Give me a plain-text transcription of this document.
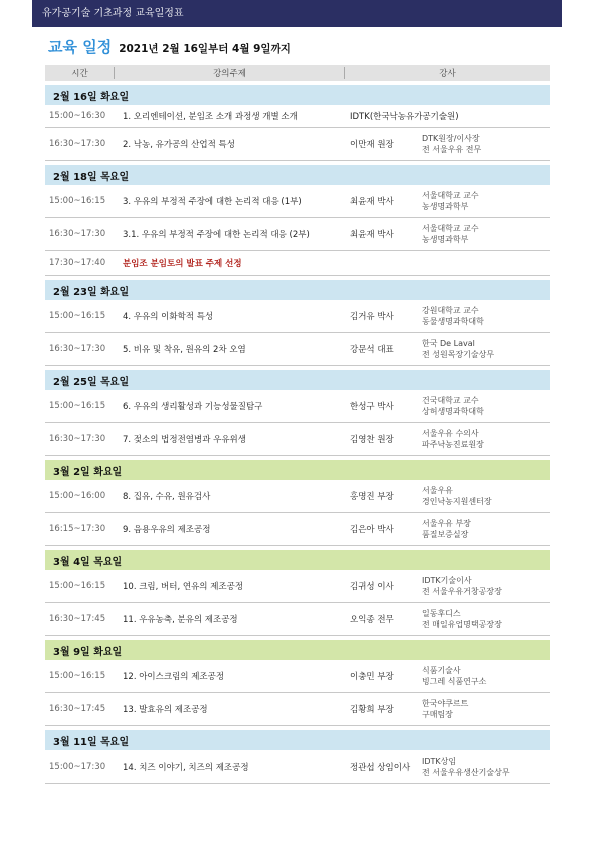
유가공기술 기초과정 교육일정표
교육 일정 2021년 2월 16일부터 4월 9일까지
시간	강의주제	강사
2월 16일 화요일
15:00~16:30	1. 오리엔테이션, 분임조 소개 과정생 개별 소개	IDTK(한국낙농유가공기술원)
16:30~17:30	2. 낙농, 유가공의 산업적 특성	이만재 원장
DTK원장/이사장
전 서울우유 전무
2월 18일 목요일
15:00~16:15	3. 우유의 부정적 주장에 대한 논리적 대응 (1부)	최윤재 박사
서울대학교 교수
농생명과학부
16:30~17:30	3.1. 우유의 부정적 주장에 대한 논리적 대응 (2부)	최윤재 박사
서울대학교 교수
농생명과학부
17:30~17:40	분임조 분임토의 발표 주제 선정
2월 23일 화요일
15:00~16:15	4. 우유의 이화학적 특성	김거유 박사
강원대학교 교수
동물생명과학대학
16:30~17:30	5. 비유 및 착유, 원유의 2차 오염	강문석 대표
한국 De Laval
전 성원목장기술상무
2월 25일 목요일
15:00~16:15	6. 우유의 생리활성과 기능성물질탐구	한성구 박사
건국대학교 교수
상허생명과학대학
16:30~17:30	7. 젖소의 법정전염병과 우유위생	김영찬 원장
서울우유 수의사
파주낙농진료원장
3월 2일 화요일
15:00~16:00	8. 집유, 수유, 원유검사	홍명진 부장
서울우유
경인낙농지원센터장
16:15~17:30	9. 음용우유의 제조공정	김은아 박사
서울우유 부장
품질보증실장
3월 4일 목요일
15:00~16:15	10. 크림, 버터, 연유의 제조공정	김귀성 이사
IDTK기술이사
전 서울우유거창공장장
16:30~17:45	11. 우유농축, 분유의 제조공정	오익종 전무
일동후디스
전 매일유업명택공장장
3월 9일 화요일
15:00~16:15	12. 아이스크림의 제조공정	이충민 부장
식품기술사
빙그레 식품연구소
16:30~17:45	13. 발효유의 제조공정	김황희 부장
한국야쿠르트
구매팀장
3월 11일 목요일
15:00~17:30	14. 치즈 이야기, 치즈의 제조공정	정관섭 상임이사
IDTK상임
전 서울우유생산기술상무
